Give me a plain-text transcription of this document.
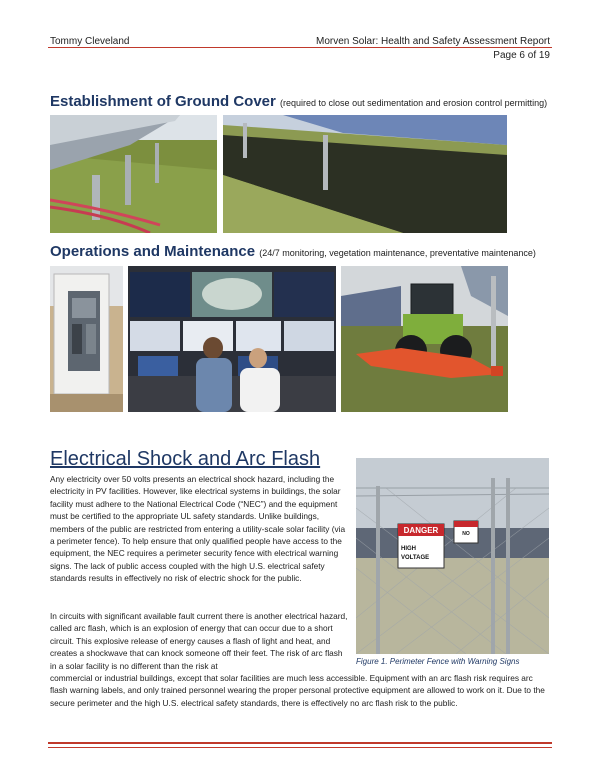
Tommy Cleveland	Morven Solar: Health and Safety Assessment Report
Page 6 of 19
Establishment of Ground Cover (required to close out sedimentation and erosion control permitting)
Operations and Maintenance (24/7 monitoring, vegetation maintenance, preventative maintenance)
Electrical Shock and Arc Flash
Any electricity over 50 volts presents an electrical shock hazard, including the electricity in PV facilities. However, like electrical systems in buildings, the solar facility must adhere to the National Electrical Code (“NEC”) and the equipment must be certified to the appropriate UL safety standards. Unlike buildings, members of the public are restricted from entering a utility-scale solar facility (via a perimeter fence). To help ensure that only qualified people have access to the equipment, the NEC requires a perimeter security fence with electrical warning signs. The lack of public access coupled with the high U.S. electrical safety standards results in effectively no risk of electric shock for the public.
In circuits with significant available fault current there is another electrical hazard, called arc flash, which is an explosion of energy that can occur due to a short circuit. This explosive release of energy causes a flash of light and heat, and creates a shockwave that can knock someone off their feet. The risk of arc flash in a solar facility is no different than the risk at
commercial or industrial buildings, except that solar facilities are much less accessible. Equipment with an arc flash risk requires arc flash warning labels, and only trained personnel wearing the proper personal protective equipment are allowed to work on it. Due to the secure perimeter and the high U.S. electrical safety standards, there is effectively no arc flash risk to the public.
DANGER
HIGH
VOLTAGE
NO
Figure 1. Perimeter Fence with Warning Signs
